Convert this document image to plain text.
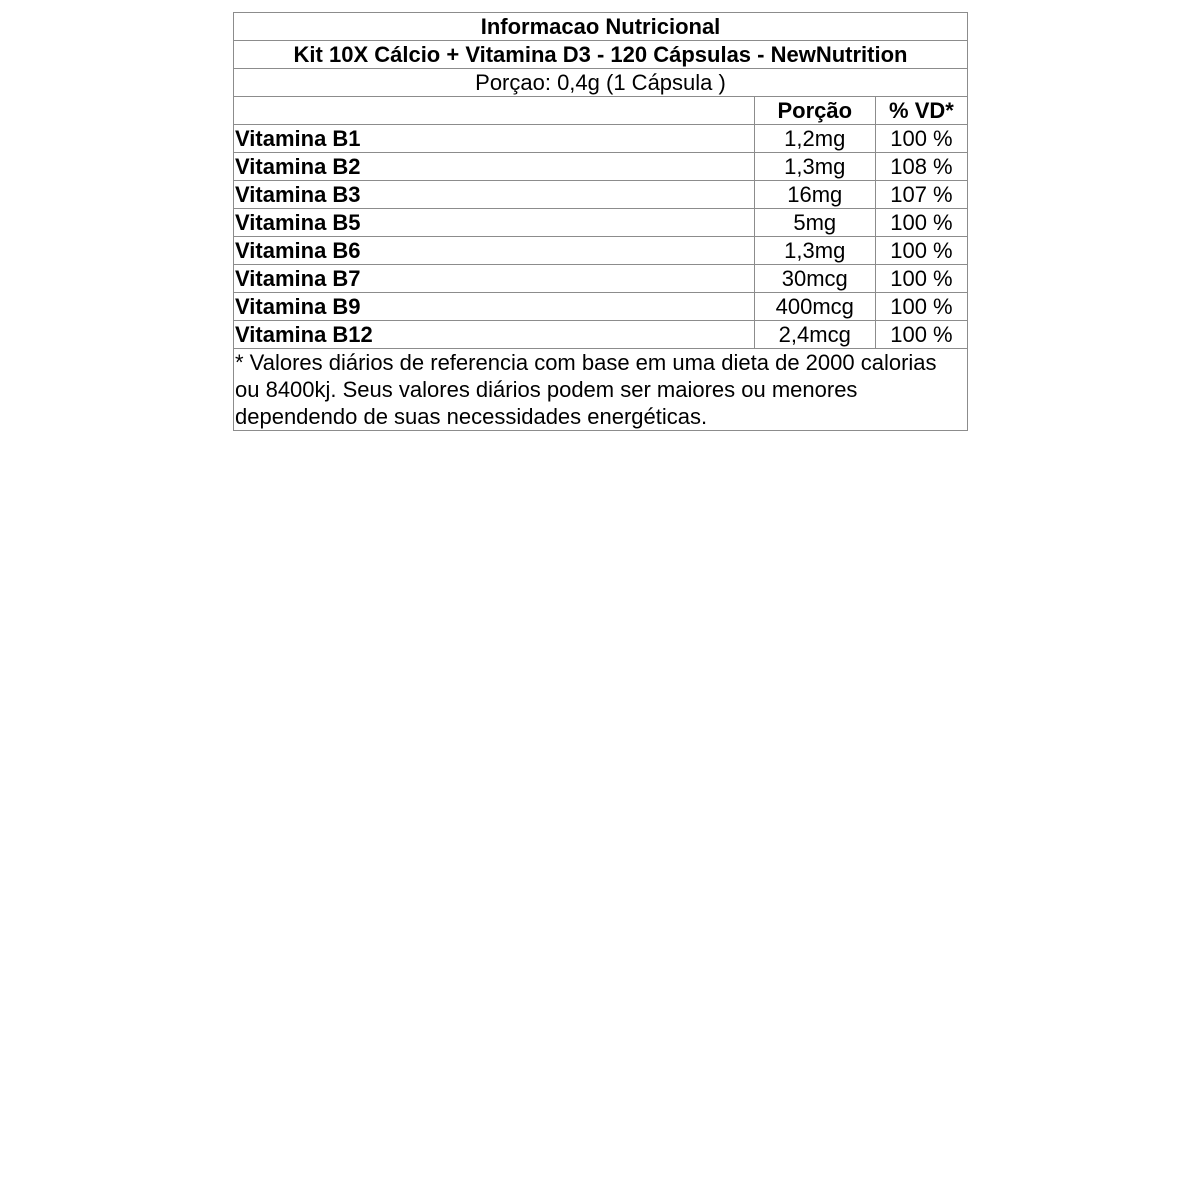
Informacao Nutricional		
Kit 10X Cálcio + Vitamina D3 - 120 Cápsulas - NewNutrition		
Porçao: 0,4g (1 Cápsula )		
	Porção	% VD*
Vitamina B1	1,2mg	100 %
Vitamina B2	1,3mg	108 %
Vitamina B3	16mg	107 %
Vitamina B5	5mg	100 %
Vitamina B6	1,3mg	100 %
Vitamina B7	30mcg	100 %
Vitamina B9	400mcg	100 %
Vitamina B12	2,4mcg	100 %
* Valores diários de referencia com base em uma dieta de 2000 calorias ou 8400kj. Seus valores diários podem ser maiores ou menores dependendo de suas necessidades energéticas.		
